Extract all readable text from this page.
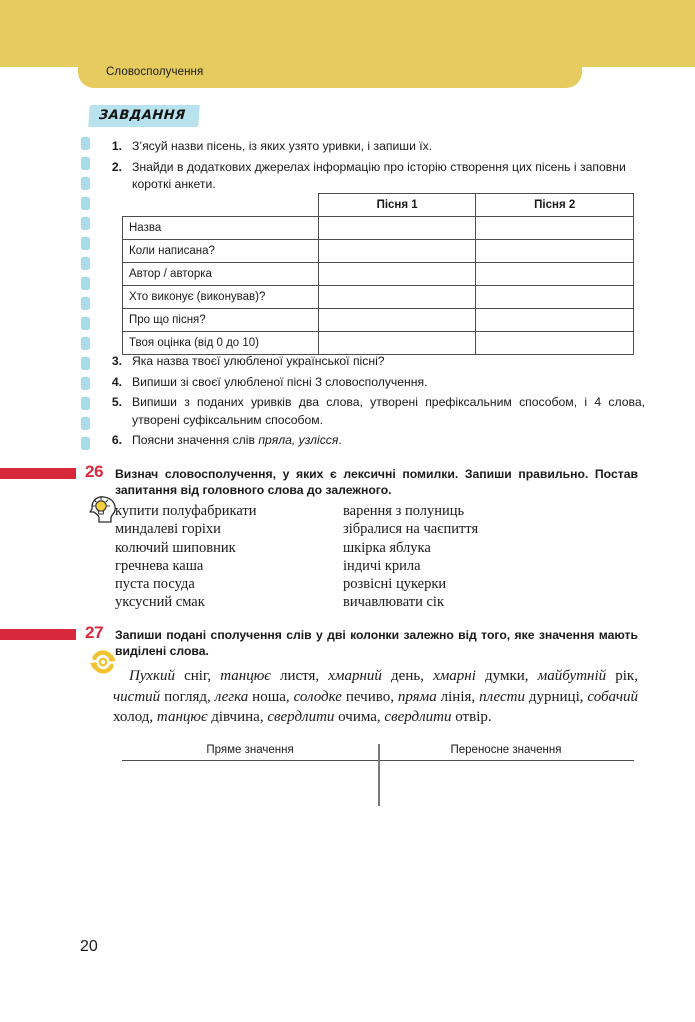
Словосполучення
ЗАВДАННЯ
1. З’ясуй назви пісень, із яких узято уривки, і запиши їх.
2. Знайди в додаткових джерелах інформацію про історію створення цих пісень і заповни короткі анкети.
	Пісня 1	Пісня 2
Назва		
Коли написана?		
Автор / авторка		
Хто виконує (виконував)?		
Про що пісня?		
Твоя оцінка (від 0 до 10)		
3. Яка назва твоєї улюбленої української пісні?
4. Випиши зі своєї улюбленої пісні 3 словосполучення.
5. Випиши з поданих уривків два слова, утворені префіксальним способом, і 4 слова, утворені суфіксальним способом.
6. Поясни значення слів пряла, узлісся.
26 Визнач словосполучення, у яких є лексичні помилки. Запиши правильно. Постав запитання від головного слова до залежного.
купити полуфабрикати	варення з полуниць
миндалеві горіхи	зібралися на чаєпиття
колючий шиповник	шкірка яблука
гречнева каша	індичі крила
пуста посуда	розвісні цукерки
уксусний смак	вичавлювати сік
27 Запиши подані сполучення слів у дві колонки залежно від того, яке значення мають виділені слова.
Пухкий сніг, танцює листя, хмарний день, хмарні думки, майбутній рік, чистий погляд, легка ноша, солодке печиво, пряма лінія, плести дурниці, собачий холод, танцює дівчина, свердлити очима, свердлити отвір.
Пряме значення	Переносне значення
20
